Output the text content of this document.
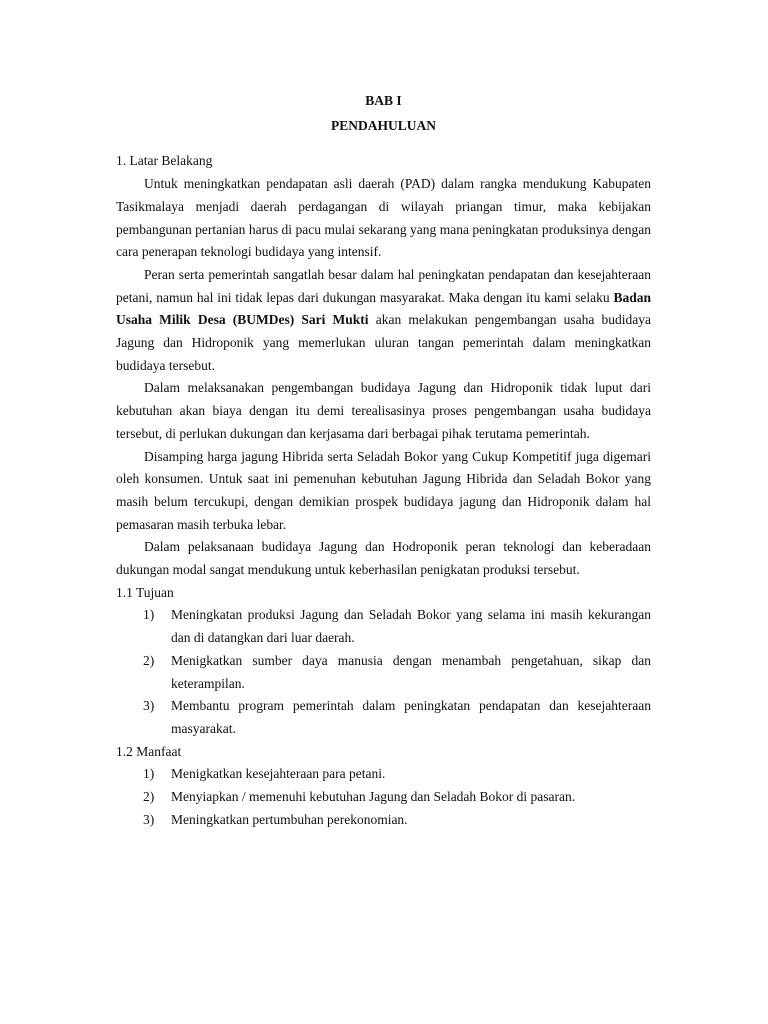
BAB I

PENDAHULUAN

1. Latar Belakang

Untuk meningkatkan pendapatan asli daerah (PAD) dalam rangka mendukung Kabupaten Tasikmalaya menjadi daerah perdagangan di wilayah priangan timur, maka kebijakan pembangunan pertanian harus di pacu mulai sekarang yang mana peningkatan produksinya dengan cara penerapan teknologi budidaya yang intensif.

Peran serta pemerintah sangatlah besar dalam hal peningkatan pendapatan dan kesejahteraan petani, namun hal ini tidak lepas dari dukungan masyarakat. Maka dengan itu kami selaku Badan Usaha Milik Desa (BUMDes) Sari Mukti akan melakukan pengembangan usaha budidaya Jagung dan Hidroponik yang memerlukan uluran tangan pemerintah dalam meningkatkan budidaya tersebut.

Dalam melaksanakan pengembangan budidaya Jagung dan Hidroponik tidak luput dari kebutuhan akan biaya dengan itu demi terealisasinya proses pengembangan usaha budidaya tersebut, di perlukan dukungan dan kerjasama dari berbagai pihak terutama pemerintah.

Disamping harga jagung Hibrida serta Seladah Bokor yang Cukup Kompetitif juga digemari oleh konsumen. Untuk saat ini pemenuhan kebutuhan Jagung Hibrida dan Seladah Bokor yang masih belum tercukupi, dengan demikian prospek budidaya jagung dan Hidroponik dalam hal pemasaran masih terbuka lebar.

Dalam pelaksanaan budidaya Jagung dan Hodroponik peran teknologi dan keberadaan dukungan modal sangat mendukung untuk keberhasilan penigkatan produksi tersebut.

1.1 Tujuan

1) Meningkatan produksi Jagung dan Seladah Bokor yang selama ini masih kekurangan dan di datangkan dari luar daerah.
2) Menigkatkan sumber daya manusia dengan menambah pengetahuan, sikap dan keterampilan.
3) Membantu program pemerintah dalam peningkatan pendapatan dan kesejahteraan masyarakat.

1.2 Manfaat

1) Menigkatkan kesejahteraan para petani.
2) Menyiapkan / memenuhi kebutuhan Jagung dan Seladah Bokor di pasaran.
3) Meningkatkan pertumbuhan perekonomian.
